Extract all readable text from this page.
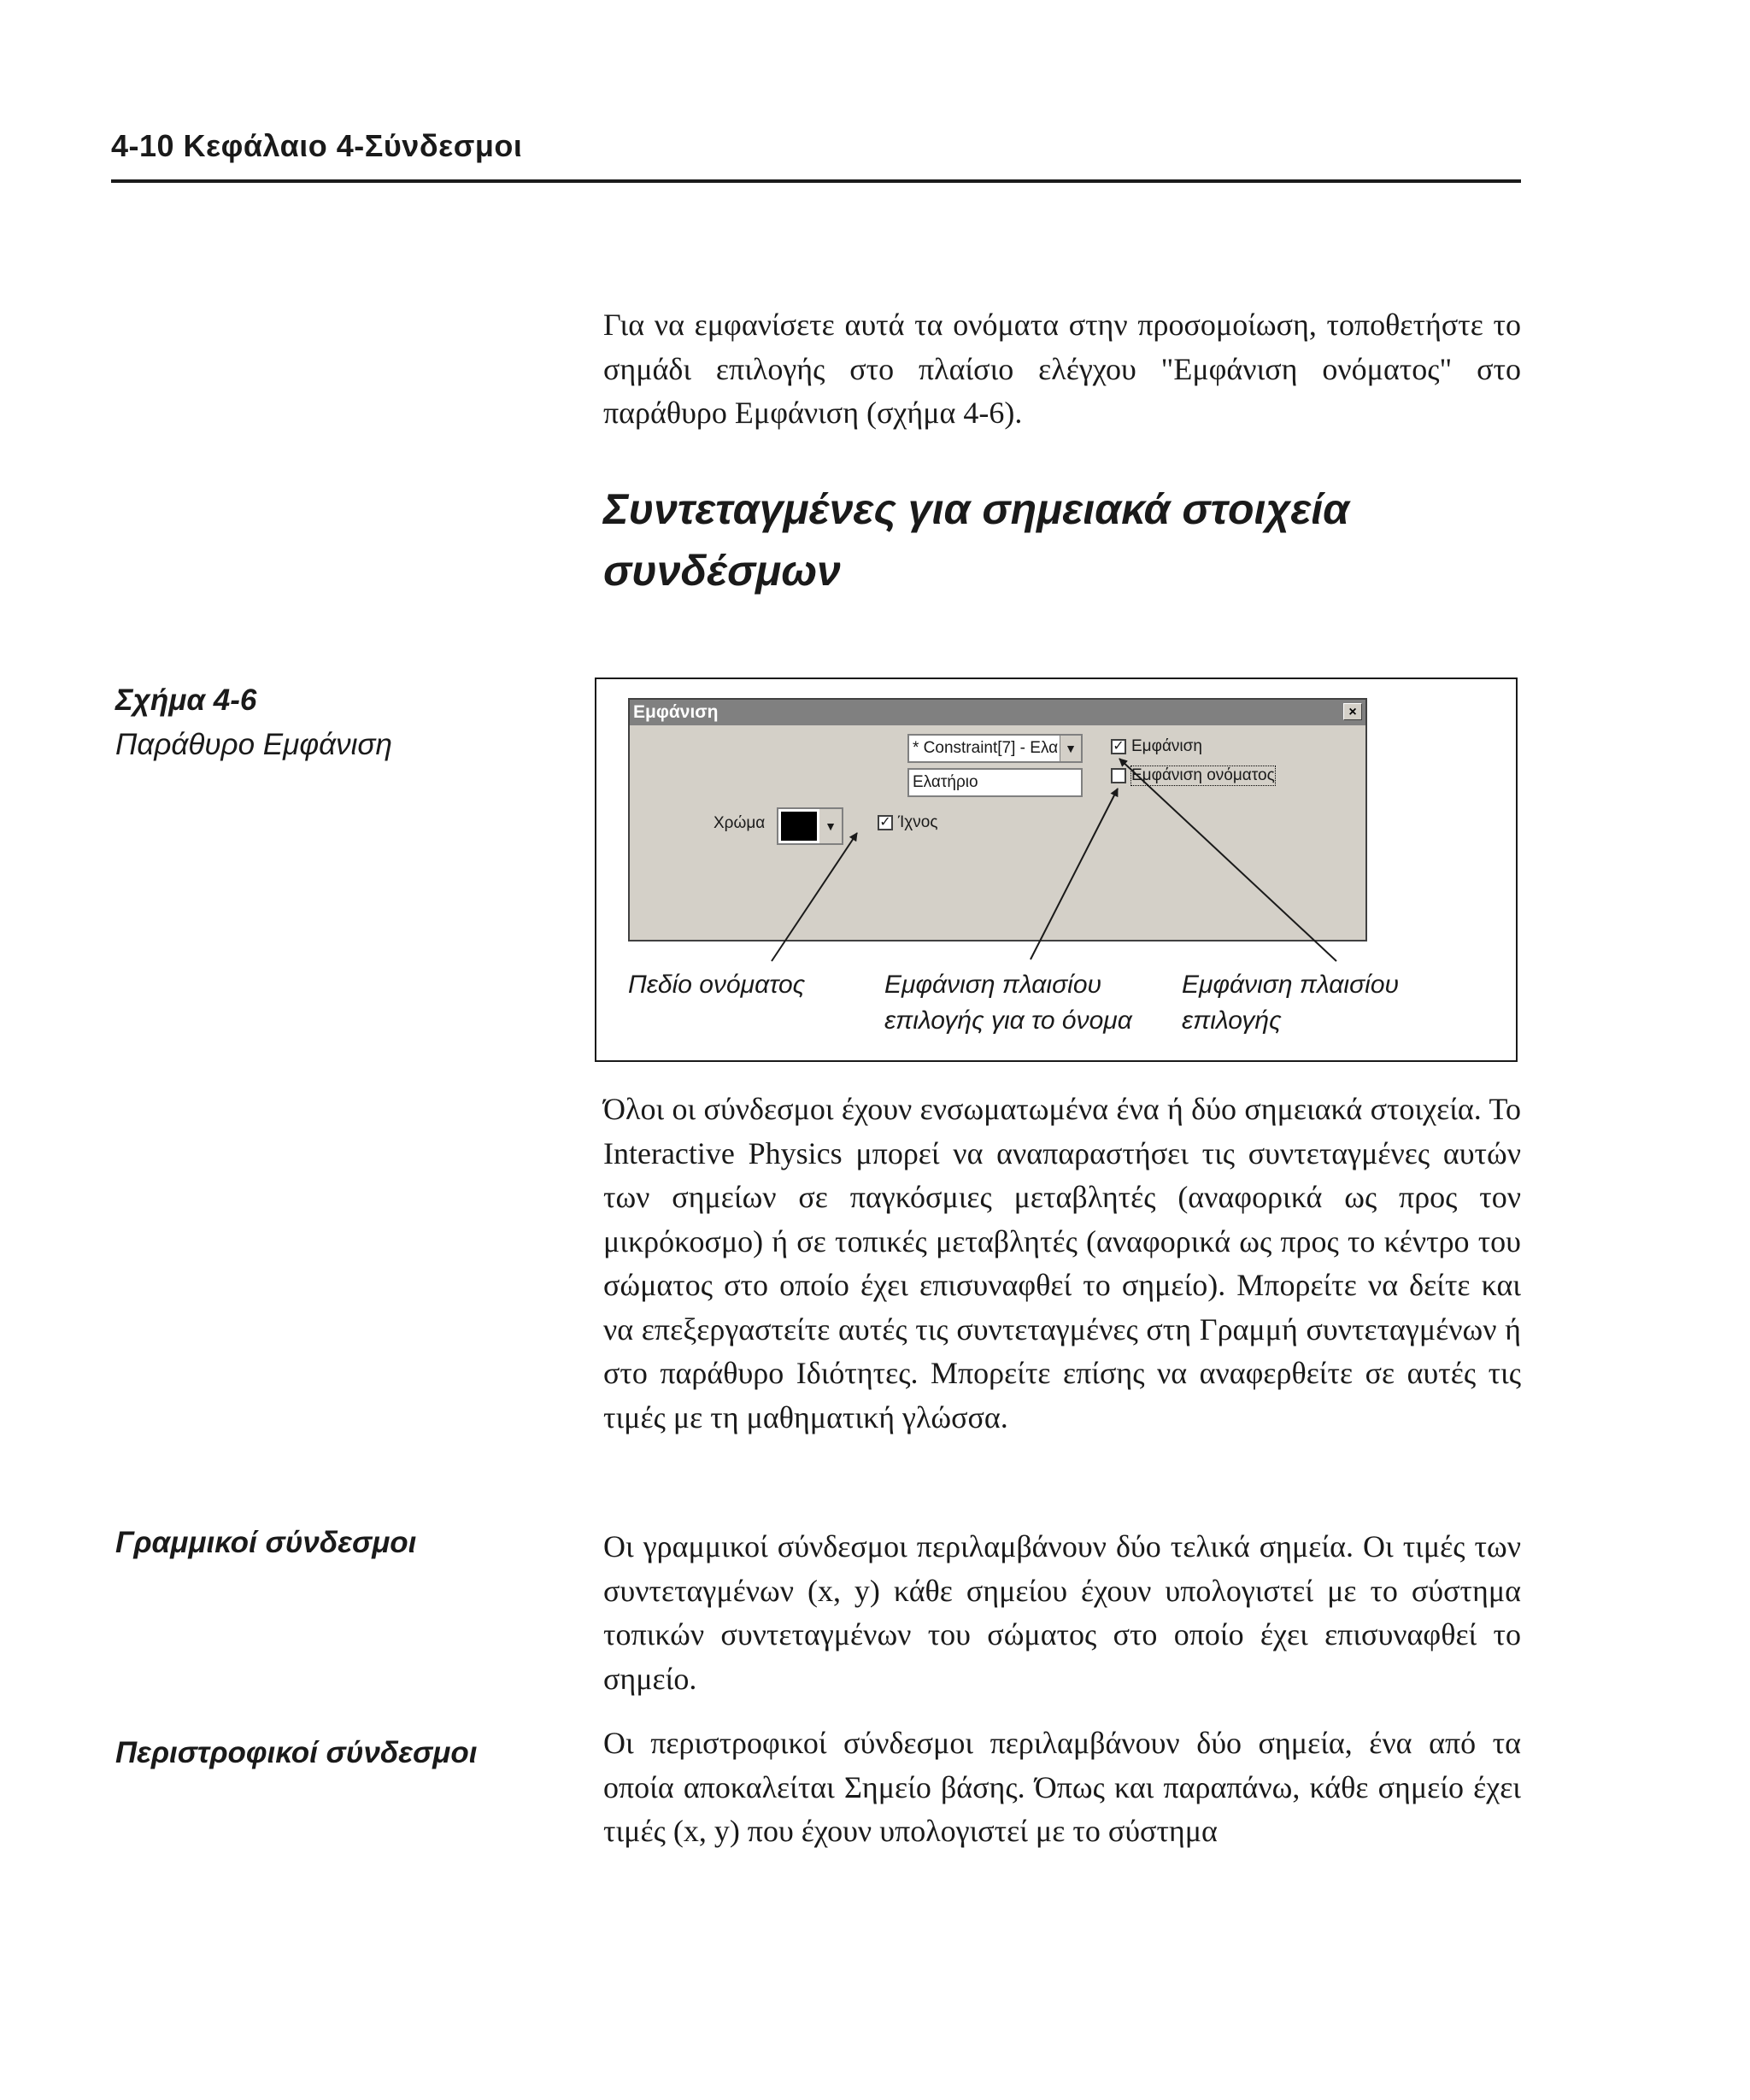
4-10 Κεφάλαιο 4-Σύνδεσμοι

Για να εμφανίσετε αυτά τα ονόματα στην προσομοίωση, τοποθετήστε το σημάδι επιλογής στο πλαίσιο ελέγχου "Εμφάνιση ονόματος" στο παράθυρο Εμφάνιση (σχήμα 4-6).

Συντεταγμένες για σημειακά στοιχεία συνδέσμων
Σχήμα 4-6
Παράθυρο Εμφάνιση
Εμφάνιση	×
* Constraint[7] - Ελα ▼
Ελατήριο
Χρώμα	▼	✓ Ίχνος
✓ Εμφάνιση
Εμφάνιση ονόματος
Πεδίο ονόματος	Εμφάνιση πλαισίου
επιλογής για το όνομα
Εμφάνιση πλαισίου
επιλογής

Όλοι οι σύνδεσμοι έχουν ενσωματωμένα ένα ή δύο σημειακά στοιχεία. Το Interactive Physics μπορεί να αναπαραστήσει τις συντεταγμένες αυτών των σημείων σε παγκόσμιες μεταβλητές (αναφορικά ως προς τον μικρόκοσμο) ή σε τοπικές μεταβλητές (αναφορικά ως προς το κέντρο του σώματος στο οποίο έχει επισυναφθεί το σημείο). Μπορείτε να δείτε και να επεξεργαστείτε αυτές τις συντεταγμένες στη Γραμμή συντεταγμένων ή στο παράθυρο Ιδιότητες. Μπορείτε επίσης να αναφερθείτε σε αυτές τις τιμές με τη μαθηματική γλώσσα.

Γραμμικοί σύνδεσμοι	Οι γραμμικοί σύνδεσμοι περιλαμβάνουν δύο τελικά σημεία. Οι τιμές των συντεταγμένων (x, y) κάθε σημείου έχουν υπολογιστεί με το σύστημα τοπικών συντεταγμένων του σώματος στο οποίο έχει επισυναφθεί το σημείο.

Περιστροφικοί σύνδεσμοι	Οι περιστροφικοί σύνδεσμοι περιλαμβάνουν δύο σημεία, ένα από τα οποία αποκαλείται Σημείο βάσης. Όπως και παραπάνω, κάθε σημείο έχει τιμές (x, y) που έχουν υπολογιστεί με το σύστημα
